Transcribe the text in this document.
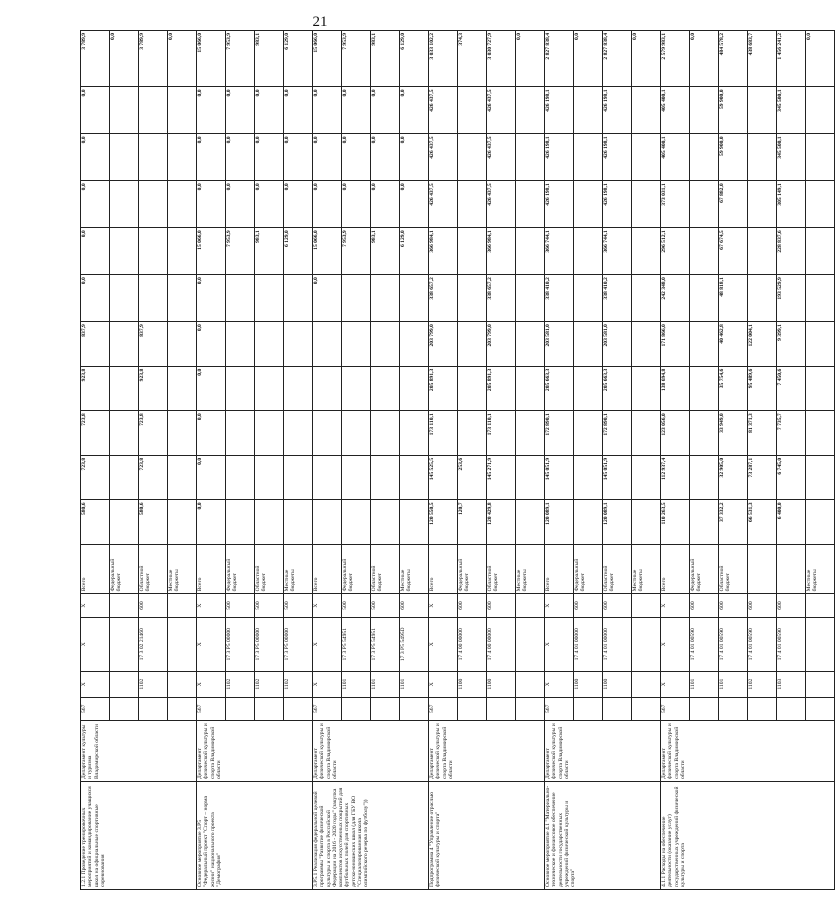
21
1.2.1 Проведение тренировочных мероприятий и командирование учащихся школ на официальные спортивные соревнования	Департамент культуры и туризма Владимирской области	567	X	X	X	Всего	580,6	723,8	723,8	923,8	837,9	0,0	0,0	0,0	0,0	0,0	3 789,9
						Федеральный бюджет											0,0
			1102	17 3 02 21460	600	Областной бюджет	580,6	723,8	723,8	923,8	837,9						3 789,9
						Местные бюджеты											0,0
Основное мероприятие 3.P5 "Федеральный проект "Спорт – норма жизни" национального проекта "Демография"	Департамент физической культуры и спорта Владимирской области	567	X	X	X	Всего	0,0	0,0	0,0	0,0	0,0	0,0	15 066,0	0,0	0,0	0,0	15 066,0
			1102	17 3 P5 00000	500	Федеральный бюджет							7 953,9	0,0	0,0	0,0	7 953,9
			1102	17 3 P5 00000	500	Областной бюджет							983,1	0,0	0,0	0,0	983,1
			1102	17 3 P5 00000	500	Местные бюджеты							6 129,0	0,0	0,0	0,0	6 129,0
3.P5.1 Реализация федеральной целевой программы "Развитие физической культуры и спорта в Российской Федерации на 2016 - 2020 годы" (закупка комплектов искусственных покрытий для футбольных полей для спортивных детско-юношеских школ (для ГБУ ВО "Специализированная школа олимпийского резерва по футболу"))	Департамент физической культуры и спорта Владимирской области	567	X	X	X	Всего						0,0	15 066,0	0,0	0,0	0,0	15 066,0
			1101	17 3 P5 54951	500	Федеральный бюджет							7 953,9	0,0	0,0	0,0	7 953,9
			1101	17 3 P5 54951	500	Областной бюджет							983,1	0,0	0,0	0,0	983,1
			1101	17 3 P5 5495D	600	Местные бюджеты							6 129,0	0,0	0,0	0,0	6 129,0
Подпрограмма 4 "Управление отраслью физической культуры и спорта"	Департамент физической культуры и спорта Владимирской области	567	X	X	X	Всего	120 550,5	145 525,5	173 110,1	205 891,3	203 799,0	338 657,2	366 984,1	426 437,5	426 437,5	426 437,5	3 033 102,2
			1100	17 4 00 00000	600	Федеральный бюджет	120,7	253,6									374,3
			1100	17 4 00 00000	600	Областной бюджет	120 429,8	145 271,9	173 110,1	205 891,3	203 799,0	338 657,2	366 984,1	426 437,5	426 437,5	426 437,5	3 030 727,9
						Местные бюджеты											0,0
Основное мероприятие 4.1 "Материально-техническое и финансовое обеспечение деятельности государственных учреждений физической культуры и спорта"	Департамент физической культуры и спорта Владимирской области	567	X	X	X	Всего	120 089,1	145 051,9	172 890,1	205 663,3	203 581,0	338 410,2	366 744,1	426 198,1	426 198,1	426 198,1	2 827 838,4
			1100	17 4 01 00000	600	Федеральный бюджет											0,0
			1100	17 4 01 00000	600	Областной бюджет	120 089,1	145 051,9	172 890,1	205 663,3	203 581,0	338 410,2	366 744,1	426 198,1	426 198,1	426 198,1	2 827 838,4
						Местные бюджеты											0,0
4.1.1 Расходы на обеспечение деятельности (оказание услуг) государственных учреждений физической культуры и спорта	Департамент физической культуры и спорта Владимирской области	567	X	X	X	Всего	110 263,5	112 937,4	123 056,0	138 694,8	171 866,0	242 348,0	296 512,1	373 031,1	405 400,1	405 400,1	2 579 983,1
			1101	17 4 01 00590	600	Федеральный бюджет											0,0
			1101	17 4 01 00590	600	Областной бюджет	37 332,2	32 905,0	33 949,0	35 754,6	40 462,8	48 818,1	67 674,5	67 882,0	59 900,0	59 900,0	484 578,2
			1102	17 4 01 00590	600		66 531,3	73 287,1	81 371,3	95 489,6	122 004,1						438 683,7
			1103	17 4 01 00590	600		6 400,0	6 745,0	7 735,7	7 450,6	9 399,1	193 529,9	228 837,6	305 149,1	345 500,1	345 500,1	1 456 241,2
						Местные бюджеты											0,0
